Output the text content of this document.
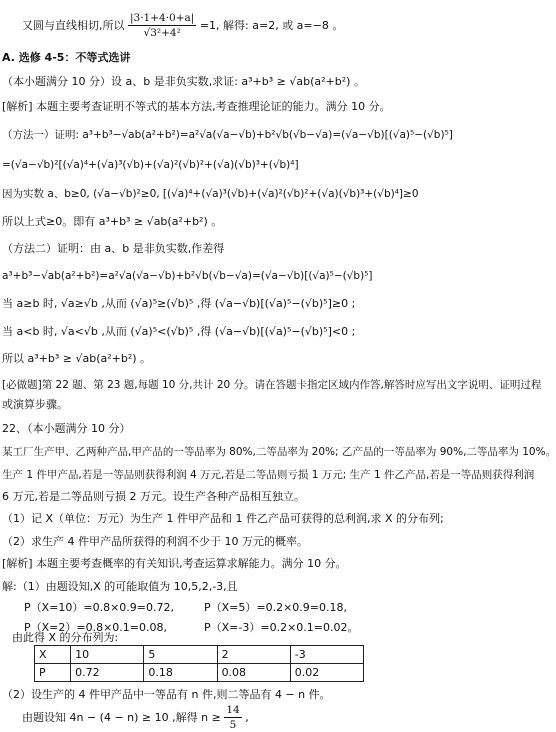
又圆与直线相切,所以 $\frac{|3\cdot 1+4\cdot 0+a|}{\text{√3²+4²}} =1$, 解得: a=2, 或 a=−8 。
A. 选修 4-5：不等式选讲
（本小题满分 10 分）设 a、b 是非负实数,求证: a³+b³ ≥ √ab(a²+b²) 。
[解析] 本题主要考查证明不等式的基本方法,考查推理论证的能力。满分 10 分。
（方法一）证明: a³+b³−√ab(a²+b²)=a²√a(√a−√b)+b²√b(√b−√a)=(√a−√b)[(√a)⁵−(√b)⁵]
=(√a−√b)²[(√a)⁴+(√a)³(√b)+(√a)²(√b)²+(√a)(√b)³+(√b)⁴]
因为实数 a、b≥0, (√a−√b)²≥0, [(√a)⁴+(√a)³(√b)+(√a)²(√b)²+(√a)(√b)³+(√b)⁴]≥0
所以上式≥0。即有 a³+b³ ≥ √ab(a²+b²) 。
（方法二）证明：由 a、b 是非负实数,作差得
a³+b³−√ab(a²+b²)=a²√a(√a−√b)+b²√b(√b−√a)=(√a−√b)[(√a)⁵−(√b)⁵]
当 a≥b 时, √a≥√b ,从而 (√a)⁵≥(√b)⁵ ,得 (√a−√b)[(√a)⁵−(√b)⁵]≥0 ;
当 a<b 时, √a<√b ,从而 (√a)⁵<(√b)⁵ ,得 (√a−√b)[(√a)⁵−(√b)⁵]<0 ;
所以 a³+b³ ≥ √ab(a²+b²) 。
[必做题]第 22 题、第 23 题,每题 10 分,共计 20 分。请在答题卡指定区域内作答,解答时应写出文字说明、证明过程
或演算步骤。
22、（本小题满分 10 分）
某工厂生产甲、乙两种产品,甲产品的一等品率为 80%,二等品率为 20%; 乙产品的一等品率为 90%,二等品率为 10%。
生产 1 件甲产品,若是一等品则获得利润 4 万元,若是二等品则亏损 1 万元; 生产 1 件乙产品,若是一等品则获得利润
6 万元,若是二等品则亏损 2 万元。设生产各种产品相互独立。
（1）记 X（单位：万元）为生产 1 件甲产品和 1 件乙产品可获得的总利润,求 X 的分布列;
（2）求生产 4 件甲产品所获得的利润不少于 10 万元的概率。
[解析] 本题主要考查概率的有关知识,考查运算求解能力。满分 10 分。
解:（1）由题设知,X 的可能取值为 10,5,2,-3,且
P（X=10）=0.8×0.9=0.72,	P（X=5）=0.2×0.9=0.18,
P（X=2）=0.8×0.1=0.08,	P（X=-3）=0.2×0.1=0.02。
由此得 X 的分布列为:
X	10	5	2	-3
P	0.72	0.18	0.08	0.02
（2）设生产的 4 件甲产品中一等品有 n 件,则二等品有 4 − n 件。
由题设知 4n − (4 − n) ≥ 10 ,解得 $n \ge \frac{14}{5}$ ,
